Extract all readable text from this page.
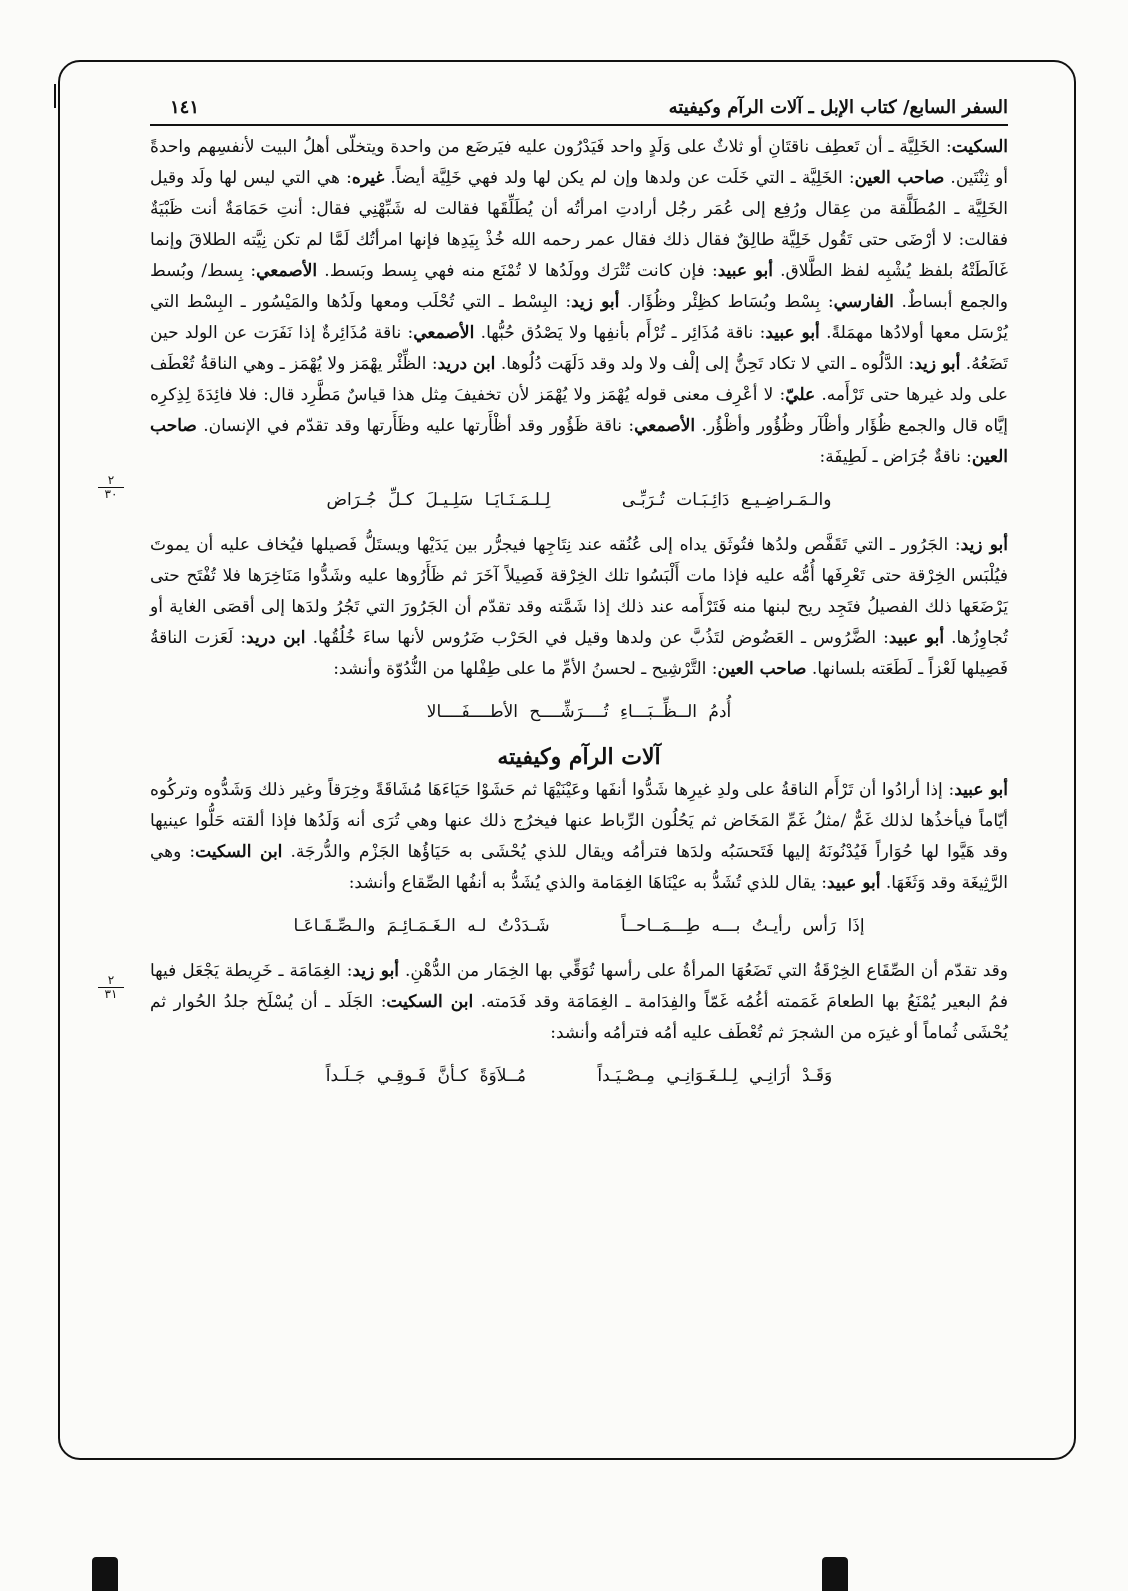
السفر السابع/ كتاب الإبل ـ آلات الرآم وكيفيته
١٤١
٢
٣٠
٢
٣١

السكيت: الخَلِيَّة ـ أن تَعطِف ناقتَانِ أو ثلاثٌ على وَلَدٍ واحد فَيَدْرُون عليه فيَرضَع من واحدة ويتخلّى أهلُ البيت لأنفسِهم واحدةً أو ثِنْتَين. صاحب العين: الخَلِيَّة ـ التي خَلَت عن ولدها وإن لم يكن لها ولد فهي خَلِيَّة أيضاً. غيره: هي التي ليس لها ولَد وقيل الخَلِيَّة ـ المُطَلَّقة من عِقال ورُفِع إلى عُمَر رجُل أرادتِ امرأتُه أن يُطَلِّقَها فقالت له شَبِّهْنِي فقال: أنتِ حَمَامَةٌ أنت ظَبْيَةٌ فقالت: لا أرْضَى حتى تَقُول خَلِيَّة طالِقٌ فقال ذلك فقال عمر رحمه الله خُذْ بِيَدِها فإنها امرأتُك لَمَّا لم تكن نِيَّته الطلاقَ وإنما غَالَطَتْهُ بلفظ يُشْبِه لفظ الطَّلاق. أبو عبيد: فإن كانت تُتْرَك وولَدُها لا تُمْنَع منه فهي بِسط وبَسط. الأصمعي: بِسط/ وبُسط والجمع أبساطٌ. الفارسي: بِسْط وبُسَاط كظِئْر وظُؤَار. أبو زيد: البِسْط ـ التي تُحْلَب ومعها ولَدُها والمَيْسُور ـ البِسْط التي يُرْسَل معها أولادُها مهمَلةً. أبو عبيد: ناقة مُذَائِر ـ تُرْأَم بأنفِها ولا يَصْدُق حُبُّها. الأصمعي: ناقة مُذَائِرةٌ إذا نَفَرَت عن الولد حين تَضَعُهُ. أبو زيد: الدَّلُوه ـ التي لا تكاد تَحِنُّ إلى إلْف ولا ولد وقد دَلَهَت دُلُوها. ابن دريد: الظِّئْر يهْمَز ولا يُهْمَز ـ وهي الناقةُ تُعْطَف على ولد غيرها حتى تَرْأَمه. عليّ: لا أعْرِف معنى قوله يُهْمَز ولا يُهْمَز لأن تخفيفَ مِثل هذا قياسٌ مَطَّرِد قال: فلا فائِدَةَ لِذِكرِه إيَّاه قال والجمع ظُؤَار وأظْآر وظُؤُور وأظْؤُر. الأصمعي: ناقة ظَؤُور وقد أظْأَرتها عليه وظَأَرتها وقد تقدّم في الإنسان. صاحب العين: ناقةٌ جُرَاض ـ لَطِيفَة:

والـمَـراضِـيـع دَائِـبَـات تُـرَبِّـى لِـلـمَـنَـايَـا سَلِـيـلَ كـلِّ جُـرَاض

أبو زيد: الجَرُور ـ التي تَقَفَّص ولدُها فتُوثَق يداه إلى عُنُقه عند نِتَاجِها فيجرُّر بين يَدَيْها ويستَلُّ فَصيلها فيُخاف عليه أن يموتَ فيُلْبَس الخِرْقة حتى تَعْرِفَها أُمُّه عليه فإذا مات أَلْبَسُوا تلك الخِرْقة فَصِيلاً آخَرَ ثم ظَأَرُوها عليه وشَدُّوا مَنَاخِرَها فلا تُفْتَح حتى يَرْضَعَها ذلك الفصيلُ فتَجِد ريح لبنها منه فَتَرْأَمه عند ذلك إذا شَمَّته وقد تقدّم أن الجَرُورَ التي تَجُرُ ولدَها إلى أقصَى الغاية أو تُجاوِزُها. أبو عبيد: الضَّرُوس ـ العَضُوض لتَذُبَّ عن ولدها وقيل في الحَرْب ضَرُوس لأنها ساءَ خُلُقُها. ابن دريد: لَعَزت الناقةُ فَصِيلها لَعْزاً ـ لَطَعَته بلسانها. صاحب العين: التَّرْشِيح ـ لحسنُ الأمِّ ما على طِفْلها من النُّدُوّة وأنشد:

أُدمُ الــظِّــبَـــاءِ تُــــرَشِّــــح الأطــــفَــــالا
آلات الرآم وكيفيته

أبو عبيد: إذا أرادُوا أن تَرْأَم الناقةُ على ولدِ غيرِها شَدُّوا أنفَها وعَيْنَيْهَا ثم حَشَوْا حَيَاءَهَا مُشَاقَةً وخِرَقاً وغير ذلك وَشَدُّوه وتركُوه أيّاماً فيأخذُها لذلك غَمٌّ /مثلُ غَمِّ المَخَاض ثم يَحُلُون الرِّباط عنها فيخرُج ذلك عنها وهي تُرَى أنه وَلَدُها فإذا ألقته حَلُّوا عينيها وقد هَيَّوا لها حُوَاراً فَيُدْنُونَهُ إليها فَتَحسَبُه ولدَها فترأمُه ويقال للذي يُحْشَى به حَيَاؤُها الجَزْم والدُّرجَة. ابن السكيت: وهي الرَّثِيغَة وقد وَثَغَهَا. أبو عبيد: يقال للذي تُشَدُّ به عيْنَاهَا الغِمَامة والذي يُشَدُّ به أنفُها الصِّقاع وأنشد:

إذَا رَأس رأيـتُ بـــه طِـــمَــاحــاً شَـدَدْتُ لـه الـغَـمَـائِـمَ والـصِّـقَـاعَـا

وقد تقدّم أن الصِّقَاع الخِرْقَةُ التي تَضَعُهَا المرأةُ على رأسها تُوَقِّي بها الخِمَار من الدُّهْنِ. أبو زيد: الغِمَامَة ـ خَرِيطة يَجْعَل فيها فمُ البعير يُمْنَعُ بها الطعامَ غَمَمته أغُمُه غَمّاً والفِدَامة ـ الغِمَامَة وقد فَدَمته. ابن السكيت: الجَلَد ـ أن يُسْلَخ جلدُ الحُوار ثم يُحْشَى ثُماماً أو غيرَه من الشجرَ ثم تُعْطَف عليه أمُه فترأمُه وأنشد:

وَقَـدْ أرَانِـي لِـلـغَـوَانِـي مِـصْـيَـداً مُــلاَوَةً كـأنَّ فَـوقِـي جَـلَـداً
